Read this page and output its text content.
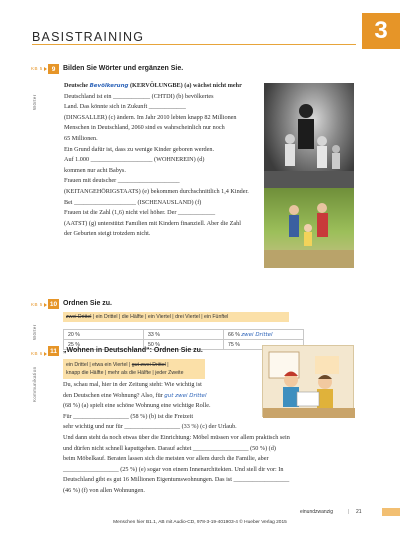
BASISTRAINING	3
KB 5
Wörter
9	Bilden Sie Wörter und ergänzen Sie.
Deutsche Bevölkerung (KERVÖLUNGBE) (a) wächst nicht mehr
Deutschland ist ein ____________ (CHTDI) (b) bevölkertes
Land. Das könnte sich in Zukunft ____________
(DINGSALLER) (c) ändern. Im Jahr 2010 lebten knapp 82 Millionen
Menschen in Deutschland, 2060 sind es wahrscheinlich nur noch
65 Millionen.
Ein Grund dafür ist, dass zu wenige Kinder geboren werden.
Auf 1.000 ____________________ (WOHNEREIN) (d)
kommen nur acht Babys.
Frauen mit deutscher ____________________
(KEITANGEHÖRIGSTAATS) (e) bekommen durchschnittlich 1,4 Kinder.
Bei ____________________ (ISCHENAUSLAND) (f)
Frauen ist die Zahl (1,6) nicht viel höher. Der ____________
(AATST) (g) unterstützt Familien mit Kindern finanziell. Aber die Zahl
der Geburten steigt trotzdem nicht.
KB 5
Wörter
10 Ordnen Sie zu.
zwei Drittel | ein Drittel | die Hälfte | ein Viertel | drei Viertel | ein Fünftel
20 %	33 %	66 % zwei Drittel
25 %	50 %	75 %
KB 6
Kommunikation
11 „Wohnen in Deutschland“: Ordnen Sie zu.
ein Drittel | etwa ein Viertel | gut zwei Drittel |
knapp die Hälfte | mehr als die Hälfte | jeder Zweite
Du, schau mal, hier in der Zeitung steht: Wie wichtig ist
den Deutschen eine Wohnung? Also, für gut zwei Drittel
(68 %) (a) spielt eine schöne Wohnung eine wichtige Rolle.
Für __________________ (58 %) (b) ist die Freizeit
sehr wichtig und nur für __________________ (33 %) (c) der Urlaub.
Und dann steht da noch etwas über die Einrichtung: Möbel müssen vor allem praktisch sein
und dürfen nicht schnell kaputtgehen. Darauf achtet __________________ (50 %) (d)
beim Möbelkauf. Beraten lassen sich die meisten vor allem durch die Familie, aber
__________________ (25 %) (e) sogar von einem Innenarchitekten. Und stell dir vor: In
Deutschland gibt es gut 16 Millionen Eigentumswohnungen. Das ist __________________
(46 %) (f) von allen Wohnungen.
einundzwanzig	| 21
Menschen hier B1.1, AB mit Audio-CD, 978-3-19-401903-4 © Hueber Verlag 2015
